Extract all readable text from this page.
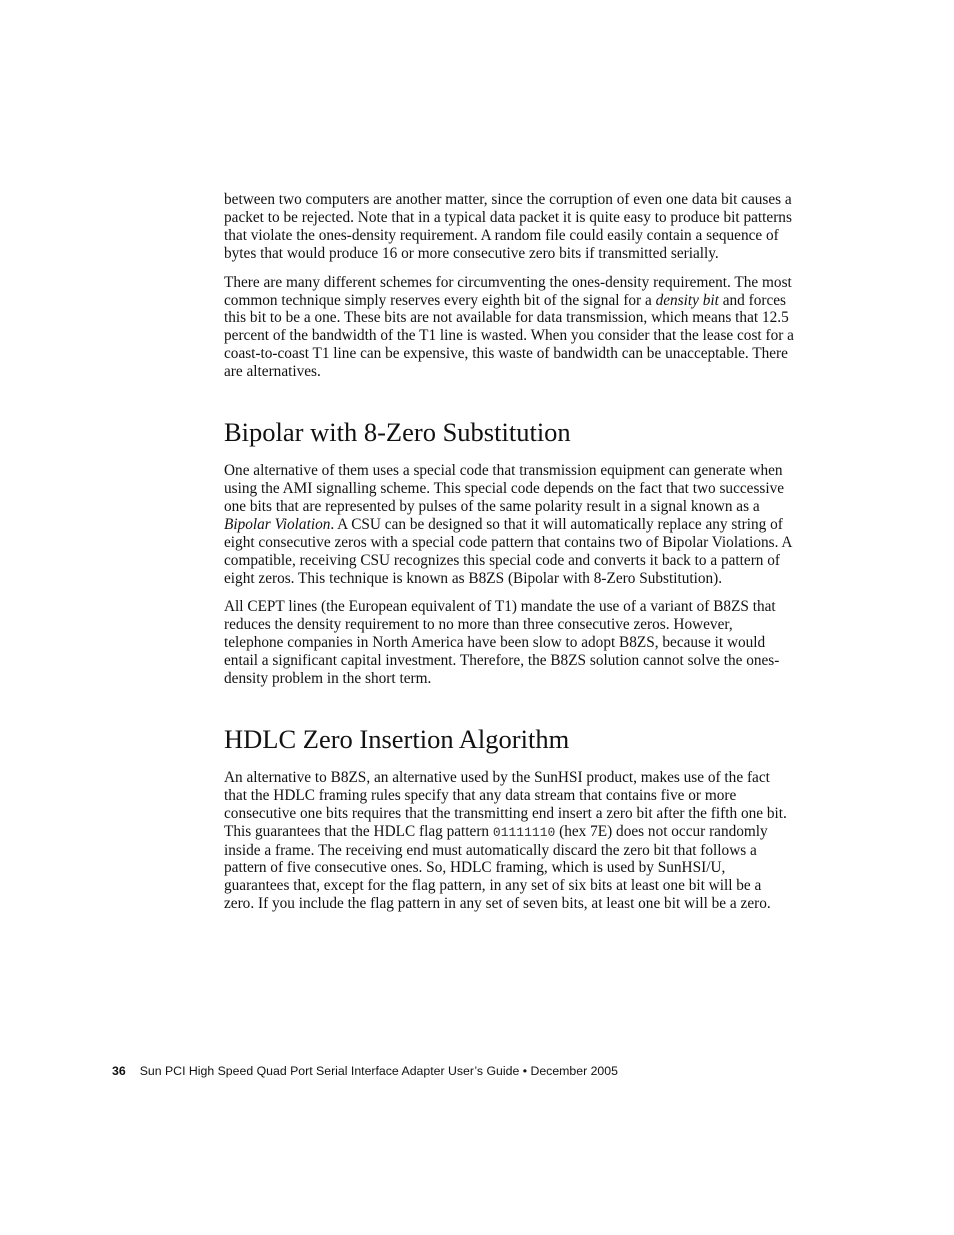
between two computers are another matter, since the corruption of even one data bit causes a packet to be rejected. Note that in a typical data packet it is quite easy to produce bit patterns that violate the ones-density requirement. A random file could easily contain a sequence of bytes that would produce 16 or more consecutive zero bits if transmitted serially.

There are many different schemes for circumventing the ones-density requirement. The most common technique simply reserves every eighth bit of the signal for a density bit and forces this bit to be a one. These bits are not available for data transmission, which means that 12.5 percent of the bandwidth of the T1 line is wasted. When you consider that the lease cost for a coast-to-coast T1 line can be expensive, this waste of bandwidth can be unacceptable. There are alternatives.

Bipolar with 8-Zero Substitution

One alternative of them uses a special code that transmission equipment can generate when using the AMI signalling scheme. This special code depends on the fact that two successive one bits that are represented by pulses of the same polarity result in a signal known as a Bipolar Violation. A CSU can be designed so that it will automatically replace any string of eight consecutive zeros with a special code pattern that contains two of Bipolar Violations. A compatible, receiving CSU recognizes this special code and converts it back to a pattern of eight zeros. This technique is known as B8ZS (Bipolar with 8-Zero Substitution).

All CEPT lines (the European equivalent of T1) mandate the use of a variant of B8ZS that reduces the density requirement to no more than three consecutive zeros. However, telephone companies in North America have been slow to adopt B8ZS, because it would entail a significant capital investment. Therefore, the B8ZS solution cannot solve the ones-density problem in the short term.

HDLC Zero Insertion Algorithm

An alternative to B8ZS, an alternative used by the SunHSI product, makes use of the fact that the HDLC framing rules specify that any data stream that contains five or more consecutive one bits requires that the transmitting end insert a zero bit after the fifth one bit. This guarantees that the HDLC flag pattern 01111110 (hex 7E) does not occur randomly inside a frame. The receiving end must automatically discard the zero bit that follows a pattern of five consecutive ones. So, HDLC framing, which is used by SunHSI/U, guarantees that, except for the flag pattern, in any set of six bits at least one bit will be a zero. If you include the flag pattern in any set of seven bits, at least one bit will be a zero.

36 Sun PCI High Speed Quad Port Serial Interface Adapter User’s Guide • December 2005
